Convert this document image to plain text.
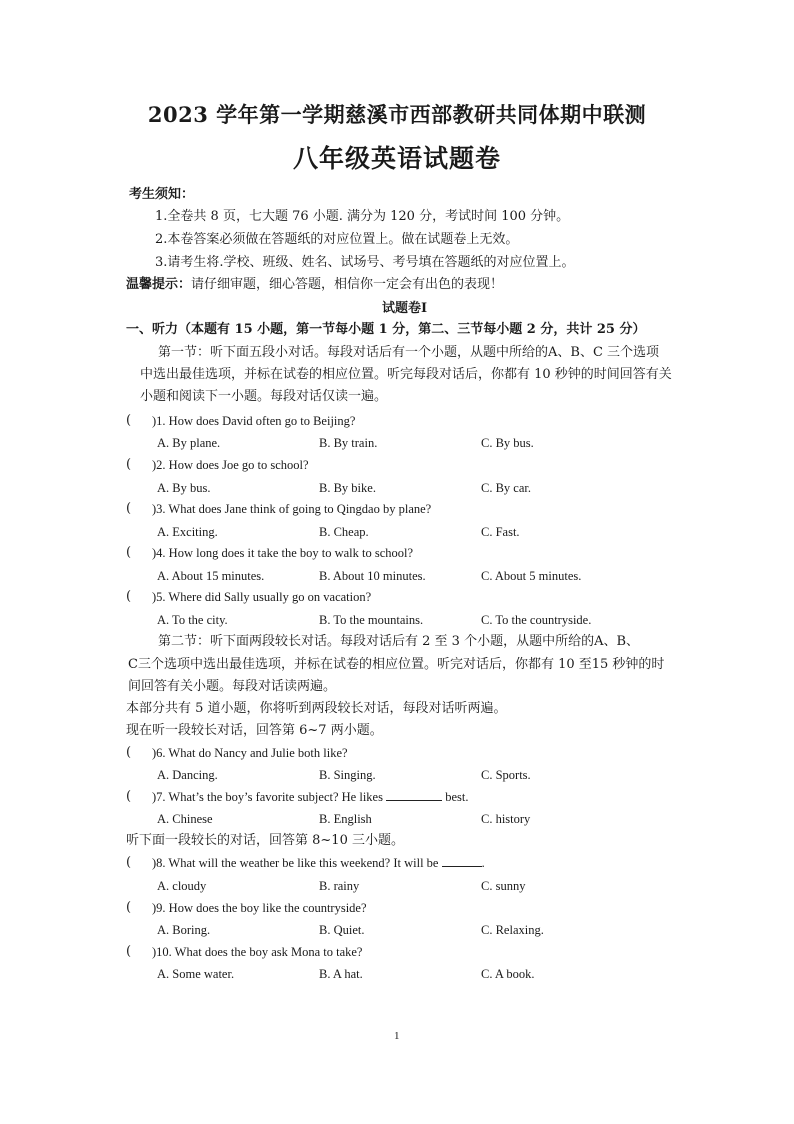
2023 学年第一学期慈溪市西部教研共同体期中联测
八年级英语试题卷
考生须知：
1.全卷共 8 页，七大题 76 小题. 满分为 120 分，考试时间 100 分钟。
2.本卷答案必须做在答题纸的对应位置上。做在试题卷上无效。
3.请考生将.学校、班级、姓名、试场号、考号填在答题纸的对应位置上。
温馨提示：请仔细审题，细心答题，相信你一定会有出色的表现！
试题卷Ⅰ
一、听力（本题有 15 小题，第一节每小题 1 分，第二、三节每小题 2 分，共计 25 分）
第一节：听下面五段小对话。每段对话后有一个小题，从题中所给的A、B、C 三个选项
中选出最佳选项，并标在试卷的相应位置。听完每段对话后，你都有 10 秒钟的时间回答有关
小题和阅读下一小题。每段对话仅读一遍。
( )1. How does David often go to Beijing?
A. By plane.	B. By train.	C. By bus.
( )2. How does Joe go to school?
A. By bus.	B. By bike.	C. By car.
( )3. What does Jane think of going to Qingdao by plane?
A. Exciting.	B. Cheap.	C. Fast.
( )4. How long does it take the boy to walk to school?
A. About 15 minutes.	B. About 10 minutes.	C. About 5 minutes.
( )5. Where did Sally usually go on vacation?
A. To the city.	B. To the mountains.	C. To the countryside.
第二节：听下面两段较长对话。每段对话后有 2 至 3 个小题，从题中所给的A、B、
C三个选项中选出最佳选项，并标在试卷的相应位置。听完对话后，你都有 10 至15 秒钟的时
间回答有关小题。每段对话读两遍。
本部分共有 5 道小题，你将听到两段较长对话，每段对话听两遍。
现在听一段较长对话，回答第 6~7 两小题。
( )6. What do Nancy and Julie both like?
A. Dancing.	B. Singing.	C. Sports.
( )7. What’s the boy’s favorite subject? He likes	best.
A. Chinese	B. English	C. history
听下面一段较长的对话，回答第 8~10 三小题。
( )8. What will the weather be like this weekend? It will be	.
A. cloudy	B. rainy	C. sunny
( )9. How does the boy like the countryside?
A. Boring.	B. Quiet.	C. Relaxing.
( )10. What does the boy ask Mona to take?
A. Some water.	B. A hat.	C. A book.
1
